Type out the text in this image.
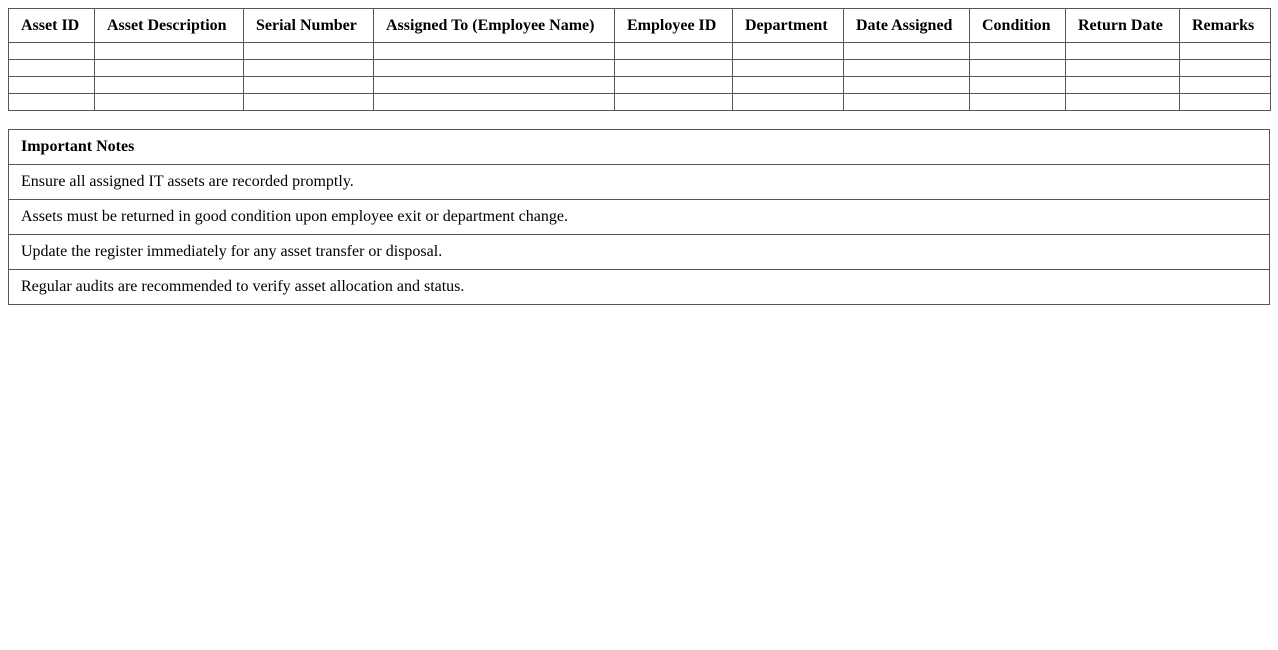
Asset ID	Asset Description	Serial Number	Assigned To (Employee Name)	Employee ID	Department	Date Assigned	Condition	Return Date	Remarks

Important Notes
Ensure all assigned IT assets are recorded promptly.
Assets must be returned in good condition upon employee exit or department change.
Update the register immediately for any asset transfer or disposal.
Regular audits are recommended to verify asset allocation and status.
